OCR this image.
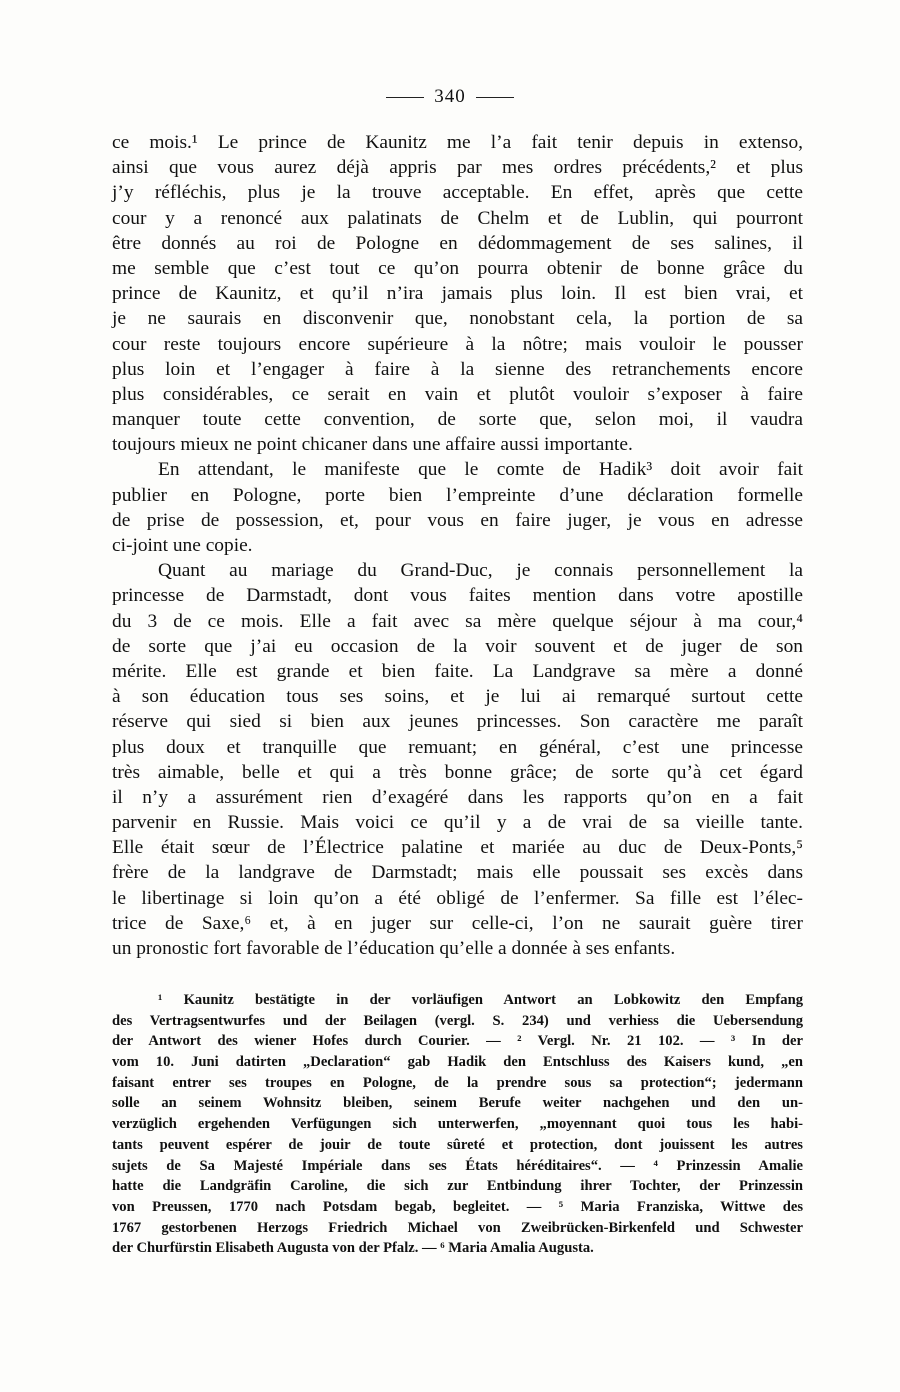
340
ce mois.¹ Le prince de Kaunitz me l’a fait tenir depuis in extenso,
ainsi que vous aurez déjà appris par mes ordres précédents,² et plus
j’y réfléchis, plus je la trouve acceptable. En effet, après que cette
cour y a renoncé aux palatinats de Chelm et de Lublin, qui pourront
être donnés au roi de Pologne en dédommagement de ses salines, il
me semble que c’est tout ce qu’on pourra obtenir de bonne grâce du
prince de Kaunitz, et qu’il n’ira jamais plus loin. Il est bien vrai, et
je ne saurais en disconvenir que, nonobstant cela, la portion de sa
cour reste toujours encore supérieure à la nôtre; mais vouloir le pousser
plus loin et l’engager à faire à la sienne des retranchements encore
plus considérables, ce serait en vain et plutôt vouloir s’exposer à faire
manquer toute cette convention, de sorte que, selon moi, il vaudra
toujours mieux ne point chicaner dans une affaire aussi importante.
En attendant, le manifeste que le comte de Hadik³ doit avoir fait
publier en Pologne, porte bien l’empreinte d’une déclaration formelle
de prise de possession, et, pour vous en faire juger, je vous en adresse
ci-joint une copie.
Quant au mariage du Grand-Duc, je connais personnellement la
princesse de Darmstadt, dont vous faites mention dans votre apostille
du 3 de ce mois. Elle a fait avec sa mère quelque séjour à ma cour,⁴
de sorte que j’ai eu occasion de la voir souvent et de juger de son
mérite. Elle est grande et bien faite. La Landgrave sa mère a donné
à son éducation tous ses soins, et je lui ai remarqué surtout cette
réserve qui sied si bien aux jeunes princesses. Son caractère me paraît
plus doux et tranquille que remuant; en général, c’est une princesse
très aimable, belle et qui a très bonne grâce; de sorte qu’à cet égard
il n’y a assurément rien d’exagéré dans les rapports qu’on en a fait
parvenir en Russie. Mais voici ce qu’il y a de vrai de sa vieille tante.
Elle était sœur de l’Électrice palatine et mariée au duc de Deux-Ponts,⁵
frère de la landgrave de Darmstadt; mais elle poussait ses excès dans
le libertinage si loin qu’on a été obligé de l’enfermer. Sa fille est l’élec-
trice de Saxe,⁶ et, à en juger sur celle-ci, l’on ne saurait guère tirer
un pronostic fort favorable de l’éducation qu’elle a donnée à ses enfants.
¹ Kaunitz bestätigte in der vorläufigen Antwort an Lobkowitz den Empfang
des Vertragsentwurfes und der Beilagen (vergl. S. 234) und verhiess die Uebersendung
der Antwort des wiener Hofes durch Courier. — ² Vergl. Nr. 21 102. — ³ In der
vom 10. Juni datirten „Declaration“ gab Hadik den Entschluss des Kaisers kund, „en
faisant entrer ses troupes en Pologne, de la prendre sous sa protection“; jedermann
solle an seinem Wohnsitz bleiben, seinem Berufe weiter nachgehen und den un-
verzüglich ergehenden Verfügungen sich unterwerfen, „moyennant quoi tous les habi-
tants peuvent espérer de jouir de toute sûreté et protection, dont jouissent les autres
sujets de Sa Majesté Impériale dans ses États héréditaires“. — ⁴ Prinzessin Amalie
hatte die Landgräfin Caroline, die sich zur Entbindung ihrer Tochter, der Prinzessin
von Preussen, 1770 nach Potsdam begab, begleitet. — ⁵ Maria Franziska, Wittwe des
1767 gestorbenen Herzogs Friedrich Michael von Zweibrücken-Birkenfeld und Schwester
der Churfürstin Elisabeth Augusta von der Pfalz. — ⁶ Maria Amalia Augusta.
